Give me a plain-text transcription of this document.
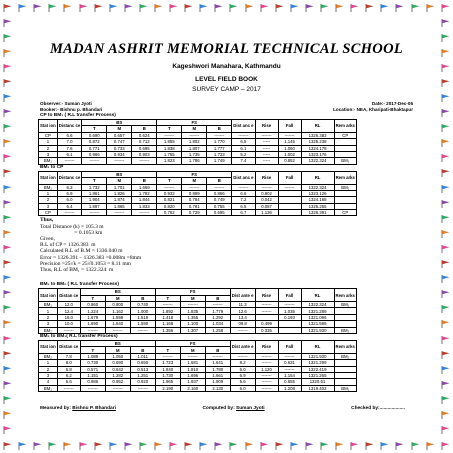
MADAN ASHRIT MEMORIAL TECHNICAL SCHOOL
Kageshwori Manahara, Kathmandu
LEVEL FIELD BOOK
SURVEY CAMP – 2017
Observer:- Suman Jyoti	Date:- 2017-Dec-05
Booker:- Bishnu p. Bhandari	Location:- NEA, Kharipati-Bhaktapur
CP to BM₁ ( R.L transfer Process)
Stat ion	Distanc ce	BS			FS			Dist anc e	Rise	Fall	RL	Rem arks
		T	M	B	T	M	B					
CP	6.6	0.690	0.657	0.624	-------	-------	-------	-------	-------	-------	1326.383	CP
1	7.0	0.872	0.747	0.712	1.855	1.802	1.770	6.5	-----	1.145	1325.238	
2	7.6	0.771	0.733	0.695	1.838	1.807	1.777	6.1	-----	1.060	1324.178	
3	6.1	0.966	0.934	0.903	1.765	1.735	1.733	5.2	-----	1.002	1323.176	
BM₁	-------	-------	-------	-------	1.823	1.786	1.749	7.4	-----	0.852	1322.324	BM₁
BM₁ to CP
Stat ion	Distanc ce	BS			FS			Dist anc e	Rise	Fall	RL	Rem arks
		T	M	B	T	M	B					
BM₁	6.3	1.732	1.701	1.669	-------	-------	-------	-------	-------	-------	1322.324	BM₁
1	6.9	1.861	1.826	1.792	0.932	0.899	0.866	6.6	0.802		1323.126	
2	6.0	1.904	1.874	1.844	0.821	0.784	0.749	7.2	0.042		1324.168	
3	6.4	1.897	1.865	1.833	0.820	0.781	0.755	6.5	0.087		1325.255	
CP	-------	-------	-------	-------	0.762	0.729	0.695	6.7	1.136		1326.391	CP
Thus,
Total Distance (k) = 105.3 m
= 0.1053 km
Given,
R.L of CP = 1326.383  m
Calculated R.L of B.M = 1336.040 m
Error = 1326.391 – 1326.383 =0.008m =8mm
Precision =25√k = 25√0.1053 = 8.11 mm
Thus, R.L of BM₁ = 1322.324  m
BM₁ to BM₂ ( R.L transfer Process)
Stat ion	Distan ce	BS			FS			Dist ante e	Rise	Fall	RL	Rem arks
		T	M	B	T	M	B					
BM₁	12.0	0.860	0.800	0.740	-------	-------	-------	11.3	-------	-------	1322.324	BM₁
1	12.4	1.224	1.162	1.000	1.892	1.835	1.779	12.6	-------	1.035	1321.289	
2	16.0	1.679	1.599	1.519	1.418	1.355	1.292	13.4		0.193	1321.096	
3	10.0	1.690	1.640	1.590	1.168	1.100	1.034	09.8	0.499		1321.595	
BM₂	-------	-------	-------	-------	1.356	1.307	1.258	-------	0.335		1321.930	BM₂
BM₂ to BM₁( R.L transfer Process)
Stat ion	Distan ce	BS			FS			Dist ante e	Rise	Fall	RL	Rem arks
		T	M	B	T	M	B					
BM₂	7.8	1.089	1.050	1.011	-------	-------	-------	-------	-------	-------	1321.930	BM₂
1	8.0	0.730	0.690	0.650	1.723	1.681	1.641	8.2	-------	0.631	1321.299	
2	5.8	0.571	0.542	0.513	1.840	1.810	1.780	6.0	1.120	-------	1322.419	
3	6.2	1.151	1.282	1.251	1.730	1.696	1.661	6.9	-------	1.154	1321.265	
4	6.6	0.986	0.952	0.920	1.965	1.937	1.909	5.6	-------	0.655	1320.61	
BM₁	-------	-------	-------	-------	2.190	2.160	2.130	6.0	-------	1.208	1319.402	BM₁
Measured by: Bishnu P. Bhandari	Computed by: Suman Jyoti	Checked by:...................
